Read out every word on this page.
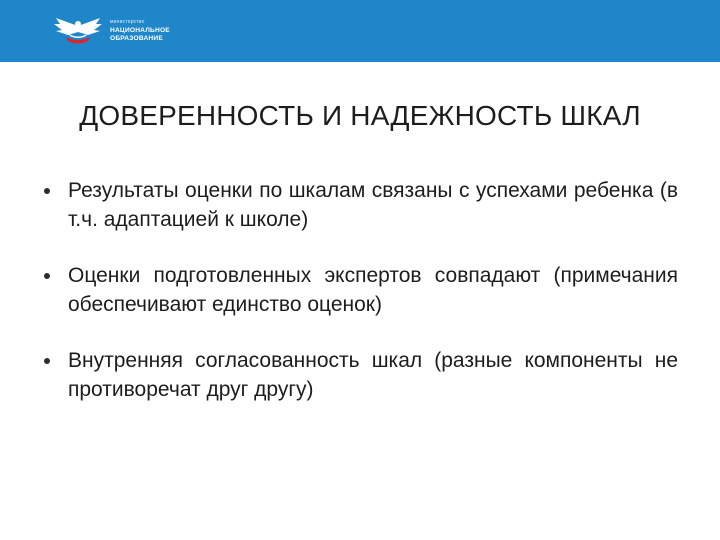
министерство
НАЦИОНАЛЬНОЕ
ОБРАЗОВАНИЕ
ДОВЕРЕННОСТЬ И НАДЕЖНОСТЬ ШКАЛ
Результаты оценки по шкалам связаны с успехами ребенка (в т.ч. адаптацией к школе)
Оценки подготовленных экспертов совпадают (примечания обеспечивают единство оценок)
Внутренняя согласованность шкал (разные компоненты не противоречат друг другу)
